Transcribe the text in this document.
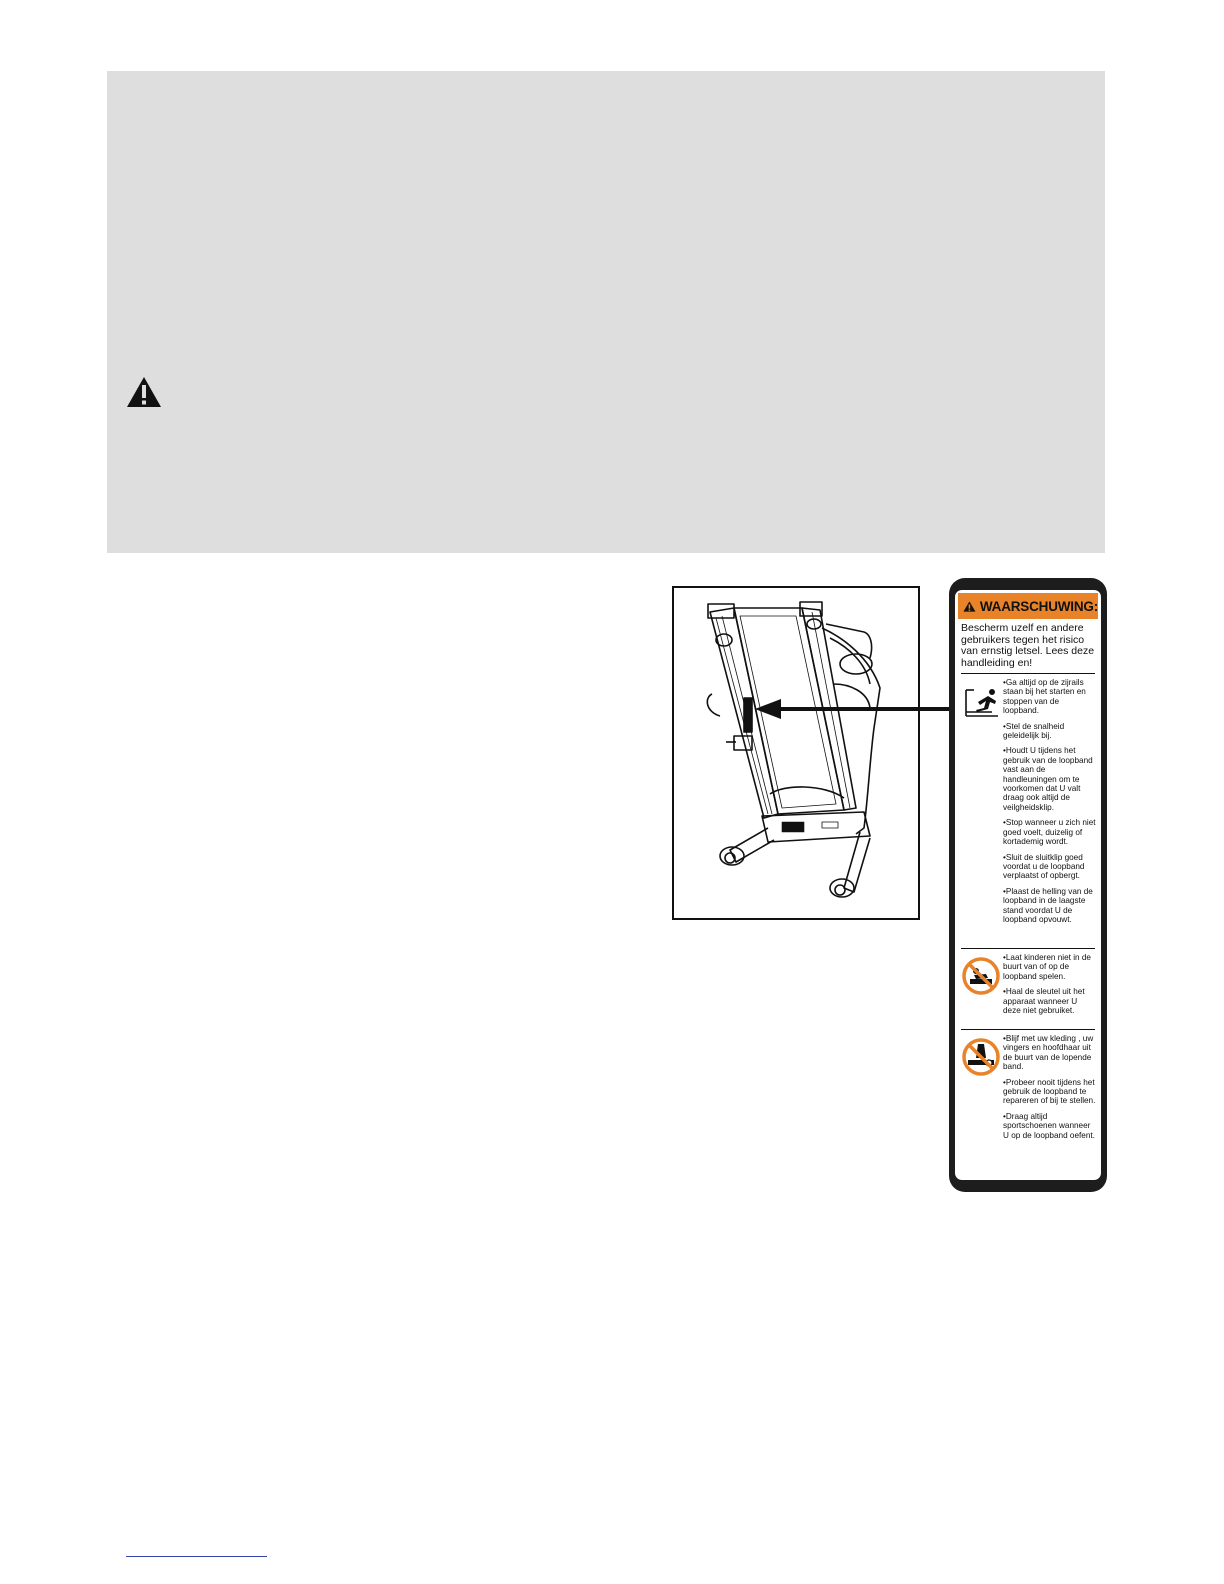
WAARSCHUWING:
Bescherm uzelf en andere gebruikers tegen het risico van ernstig letsel. Lees deze handleiding en!
•Ga altijd op de zijrails staan bij het starten en stoppen van de loopband.
•Stel de snalheid geleidelijk bij.
•Houdt U tijdens het gebruik van de loopband vast aan de handleuningen om te voorkomen dat U valt draag ook altijd de veilgheidsklip.
•Stop wanneer u zich niet goed voelt, duizelig of kortademig wordt.
•Sluit de sluitklip goed voordat u de loopband verplaatst of opbergt.
•Plaast de helling van de loopband in de laagste stand voordat U de loopband opvouwt.
•Laat kinderen niet in de buurt van of op de loopband spelen.
•Haal de sleutel uit het apparaat wanneer U deze niet gebruiket.
•Blijf met uw kleding , uw vingers en hoofdhaar uit de buurt van de lopende band.
•Probeer nooit tijdens het gebruik de loopband te repareren of bij te stellen.
•Draag altijd sportschoenen wanneer U op de loopband oefent.
